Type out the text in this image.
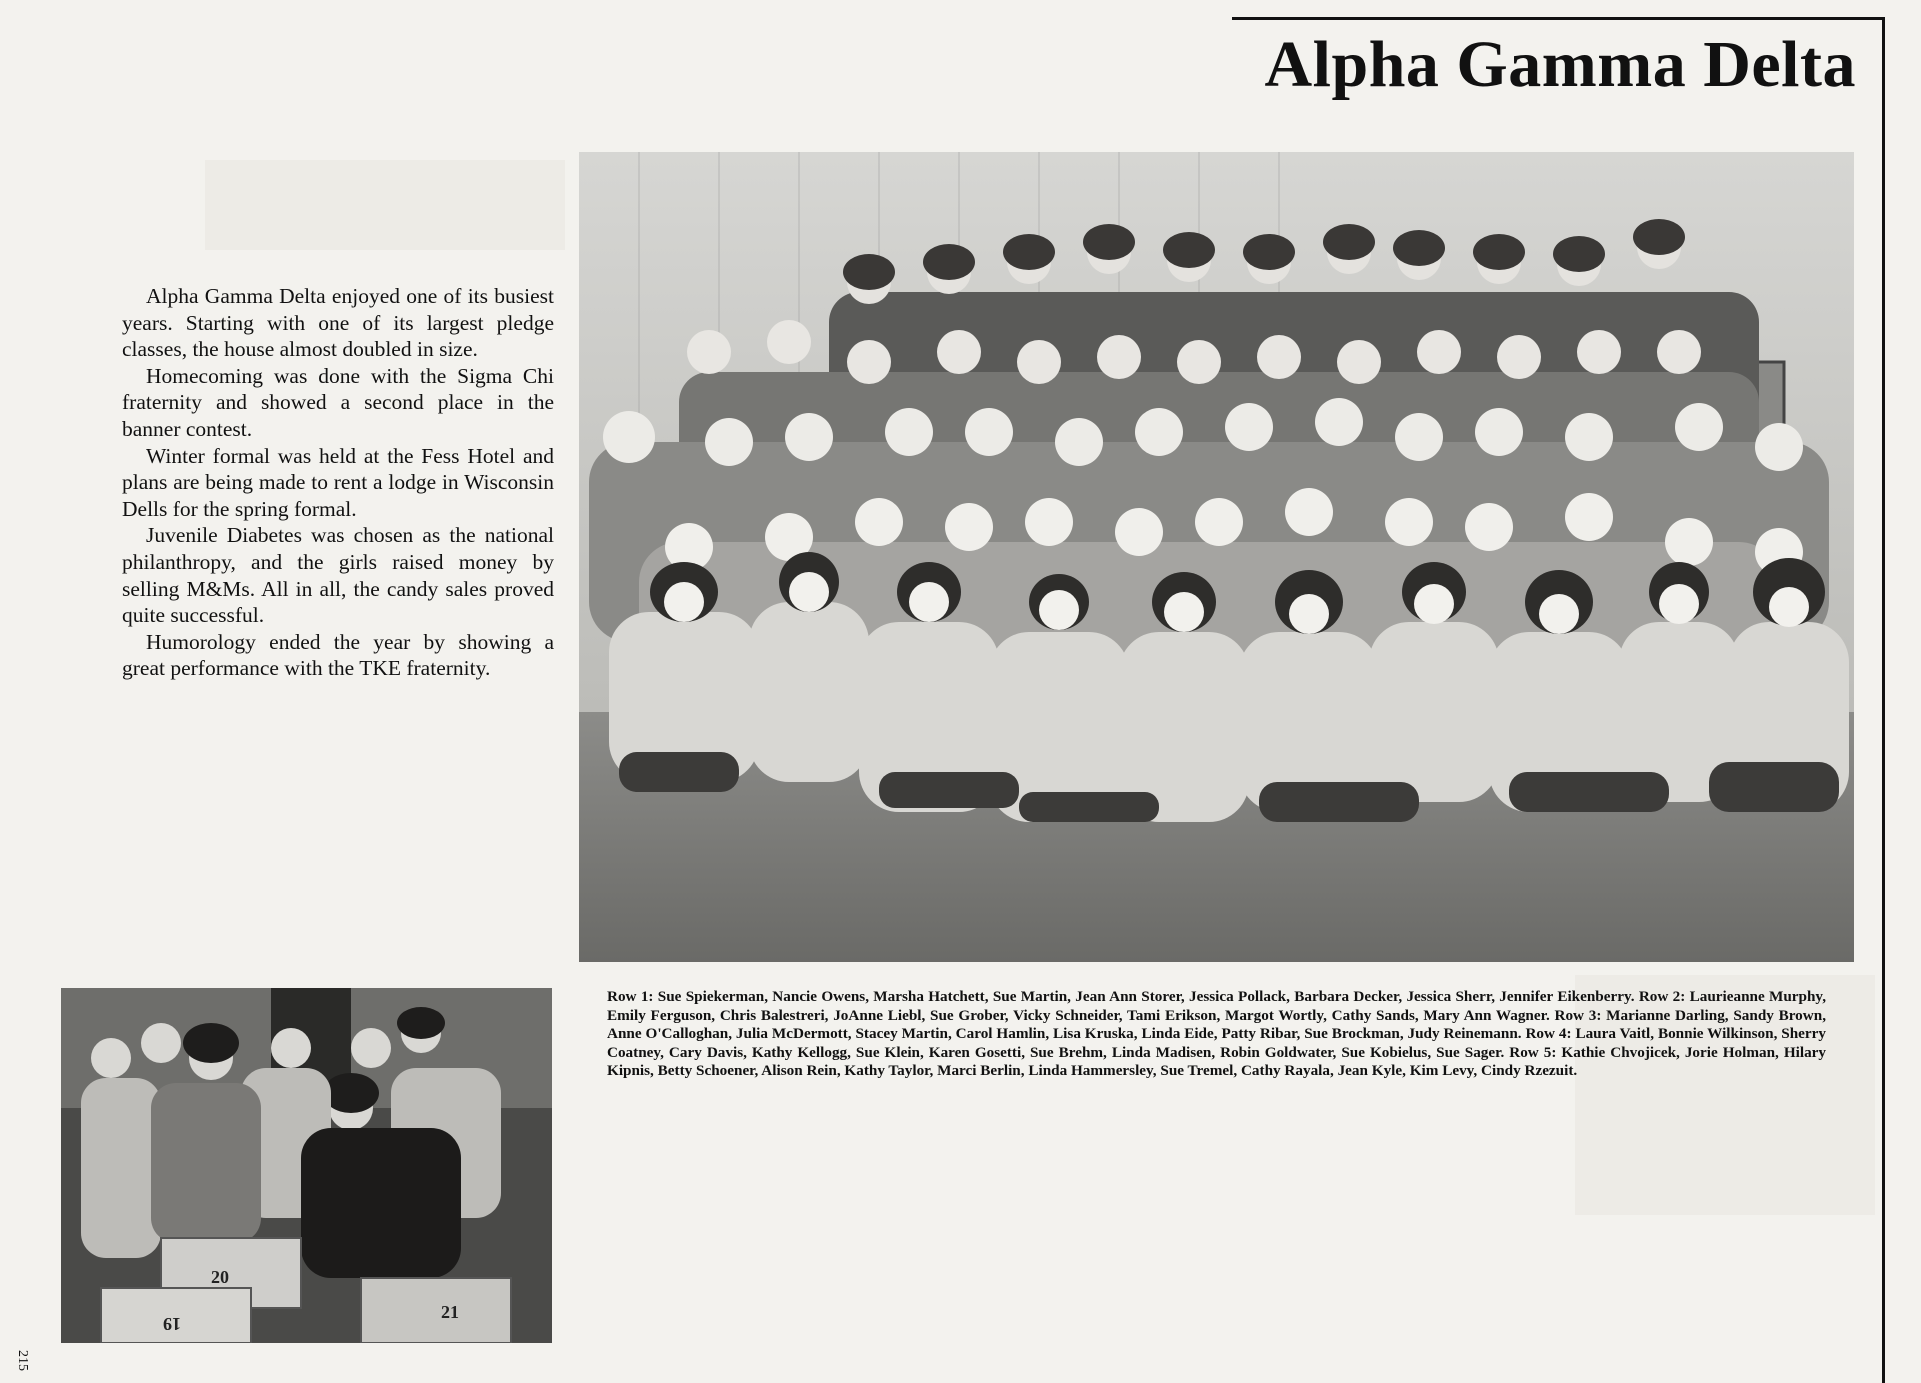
Alpha Gamma Delta

Alpha Gamma Delta enjoyed one of its busiest years. Starting with one of its largest pledge classes, the house almost doubled in size.

Homecoming was done with the Sigma Chi fraternity and showed a second place in the banner contest.

Winter formal was held at the Fess Hotel and plans are being made to rent a lodge in Wisconsin Dells for the spring formal.

Juvenile Diabetes was chosen as the national philanthropy, and the girls raised money by selling M&Ms. All in all, the candy sales proved quite successful.

Humorology ended the year by showing a great performance with the TKE fraternity.

20
19
21

Row 1: Sue Spiekerman, Nancie Owens, Marsha Hatchett, Sue Martin, Jean Ann Storer, Jessica Pollack, Barbara Decker, Jessica Sherr, Jennifer Eikenberry. Row 2: Laurieanne Murphy, Emily Ferguson, Chris Balestreri, JoAnne Liebl, Sue Grober, Vicky Schneider, Tami Erikson, Margot Wortly, Cathy Sands, Mary Ann Wagner. Row 3: Marianne Darling, Sandy Brown, Anne O'Calloghan, Julia McDermott, Stacey Martin, Carol Hamlin, Lisa Kruska, Linda Eide, Patty Ribar, Sue Brockman, Judy Reinemann. Row 4: Laura Vaitl, Bonnie Wilkinson, Sherry Coatney, Cary Davis, Kathy Kellogg, Sue Klein, Karen Gosetti, Sue Brehm, Linda Madisen, Robin Goldwater, Sue Kobielus, Sue Sager. Row 5: Kathie Chvojicek, Jorie Holman, Hilary Kipnis, Betty Schoener, Alison Rein, Kathy Taylor, Marci Berlin, Linda Hammersley, Sue Tremel, Cathy Rayala, Jean Kyle, Kim Levy, Cindy Rzezuit.

215
